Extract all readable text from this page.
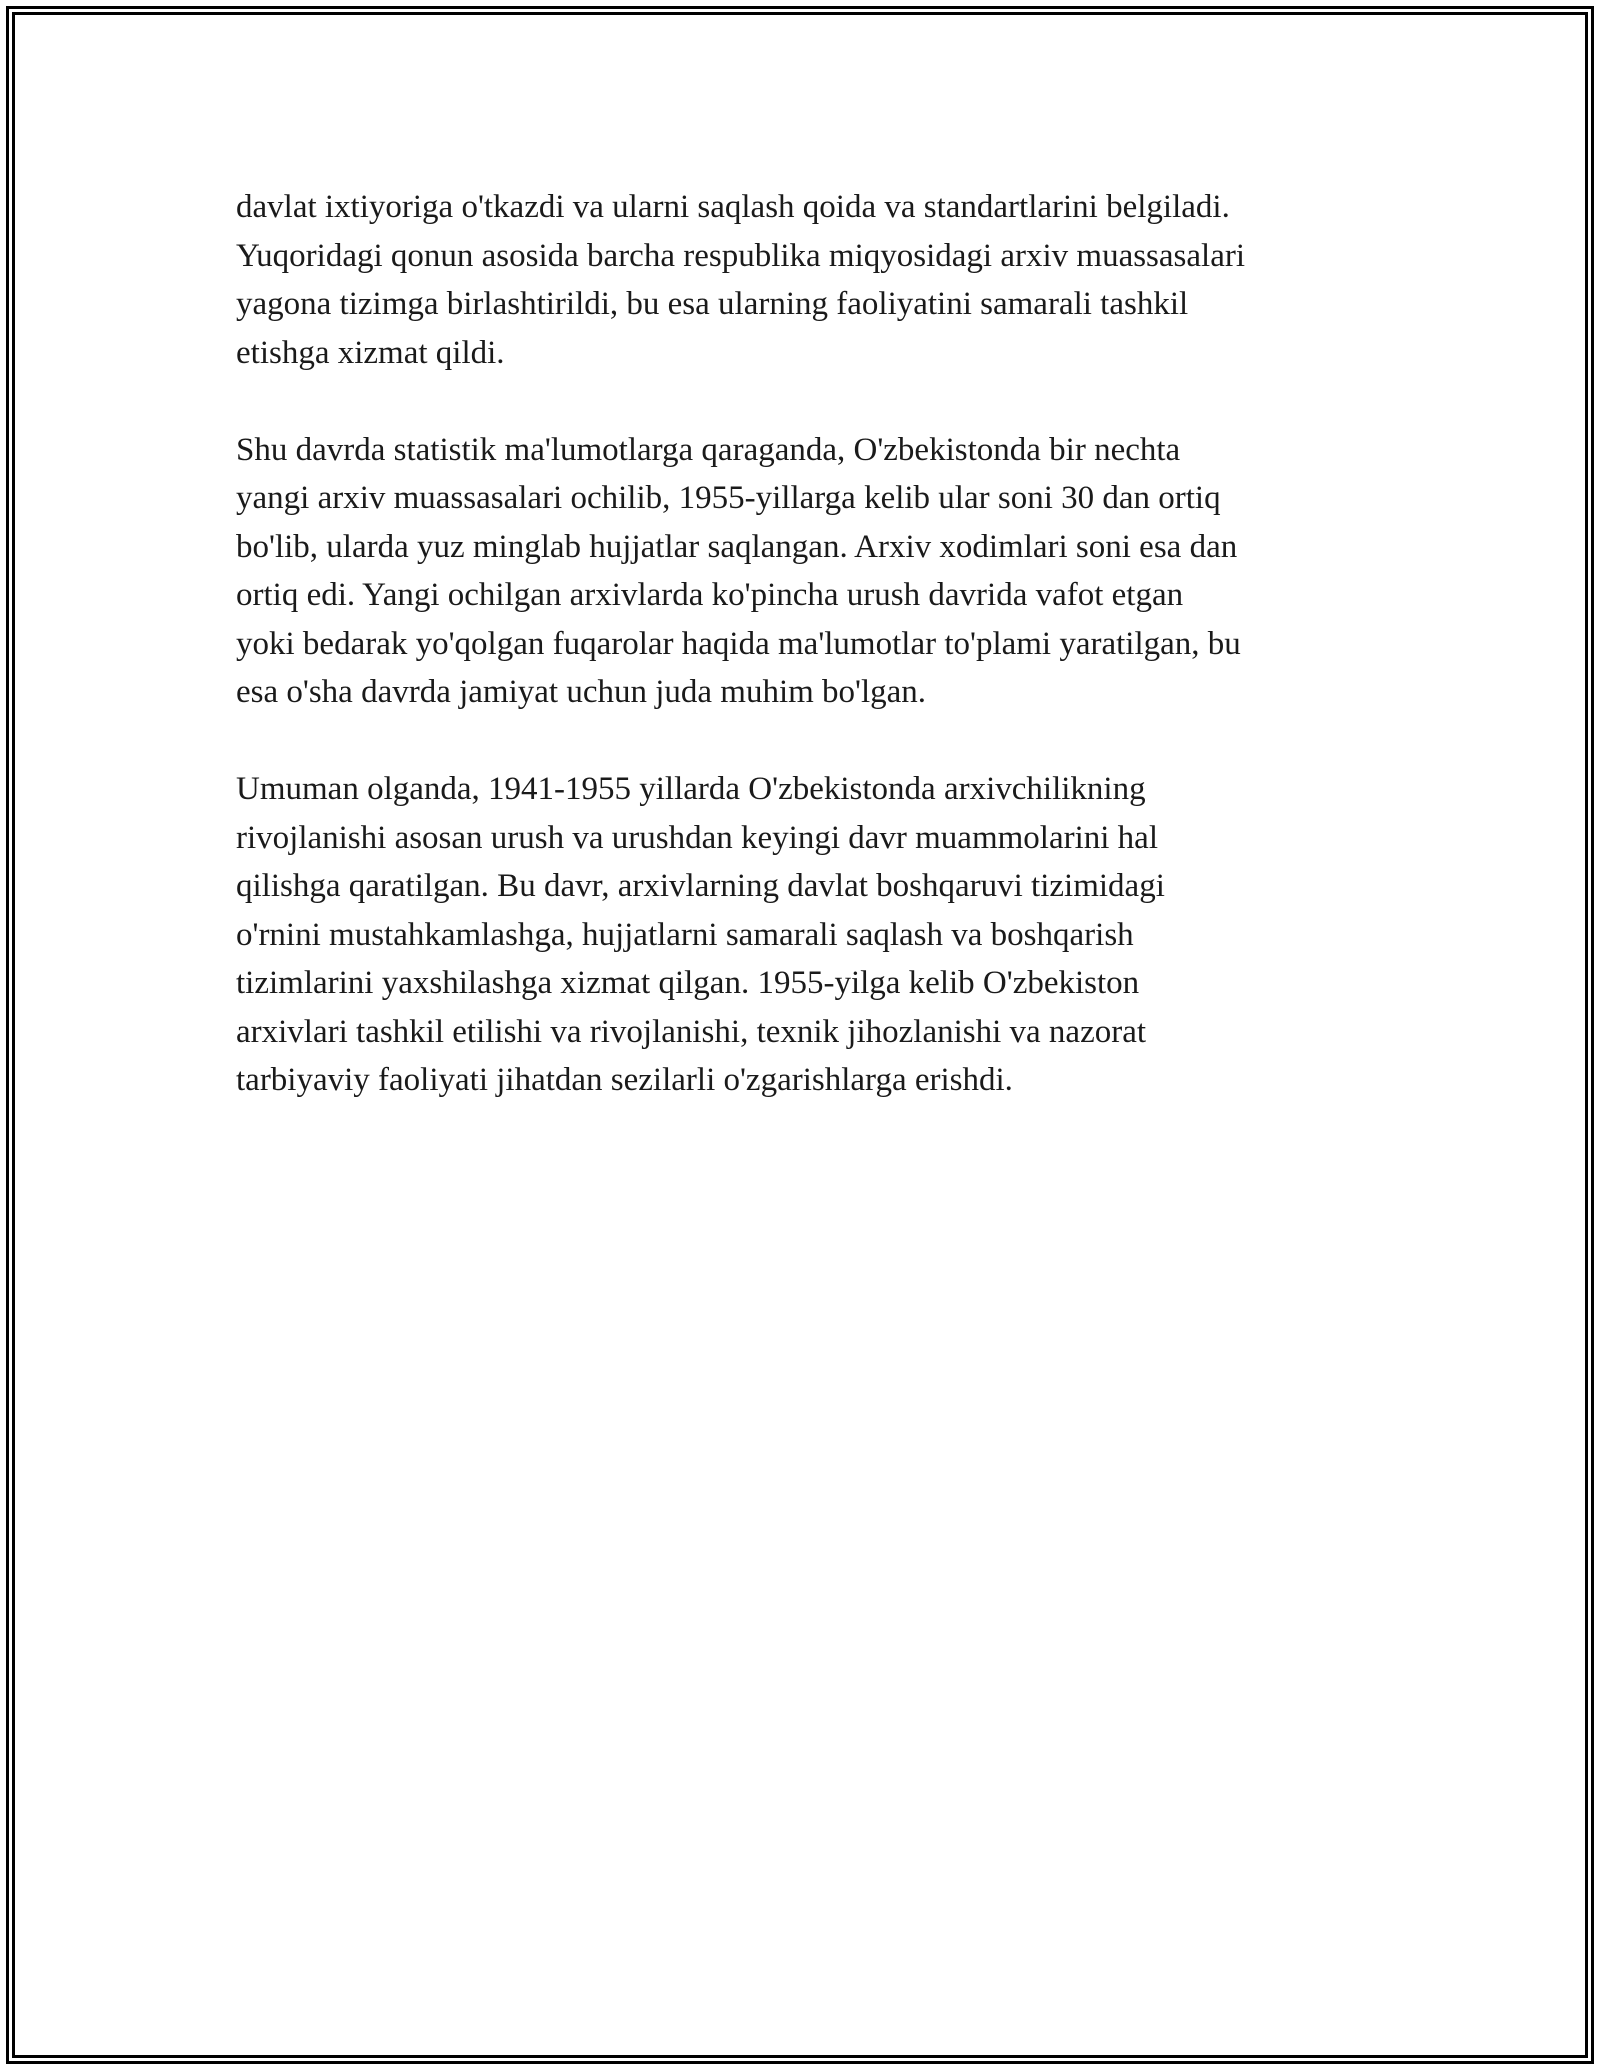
davlat ixtiyoriga o'tkazdi va ularni saqlash qoida va standartlarini belgiladi.
Yuqoridagi qonun asosida barcha respublika miqyosidagi arxiv muassasalari
yagona tizimga birlashtirildi, bu esa ularning faoliyatini samarali tashkil
etishga xizmat qildi.

Shu davrda statistik ma'lumotlarga qaraganda, O'zbekistonda bir nechta
yangi arxiv muassasalari ochilib, 1955-yillarga kelib ular soni 30 dan ortiq
bo'lib, ularda yuz minglab hujjatlar saqlangan. Arxiv xodimlari soni esa dan
ortiq edi. Yangi ochilgan arxivlarda ko'pincha urush davrida vafot etgan
yoki bedarak yo'qolgan fuqarolar haqida ma'lumotlar to'plami yaratilgan, bu
esa o'sha davrda jamiyat uchun juda muhim bo'lgan.

Umuman olganda, 1941-1955 yillarda O'zbekistonda arxivchilikning
rivojlanishi asosan urush va urushdan keyingi davr muammolarini hal
qilishga qaratilgan. Bu davr, arxivlarning davlat boshqaruvi tizimidagi
o'rnini mustahkamlashga, hujjatlarni samarali saqlash va boshqarish
tizimlarini yaxshilashga xizmat qilgan. 1955-yilga kelib O'zbekiston
arxivlari tashkil etilishi va rivojlanishi, texnik jihozlanishi va nazorat
tarbiyaviy faoliyati jihatdan sezilarli o'zgarishlarga erishdi.
